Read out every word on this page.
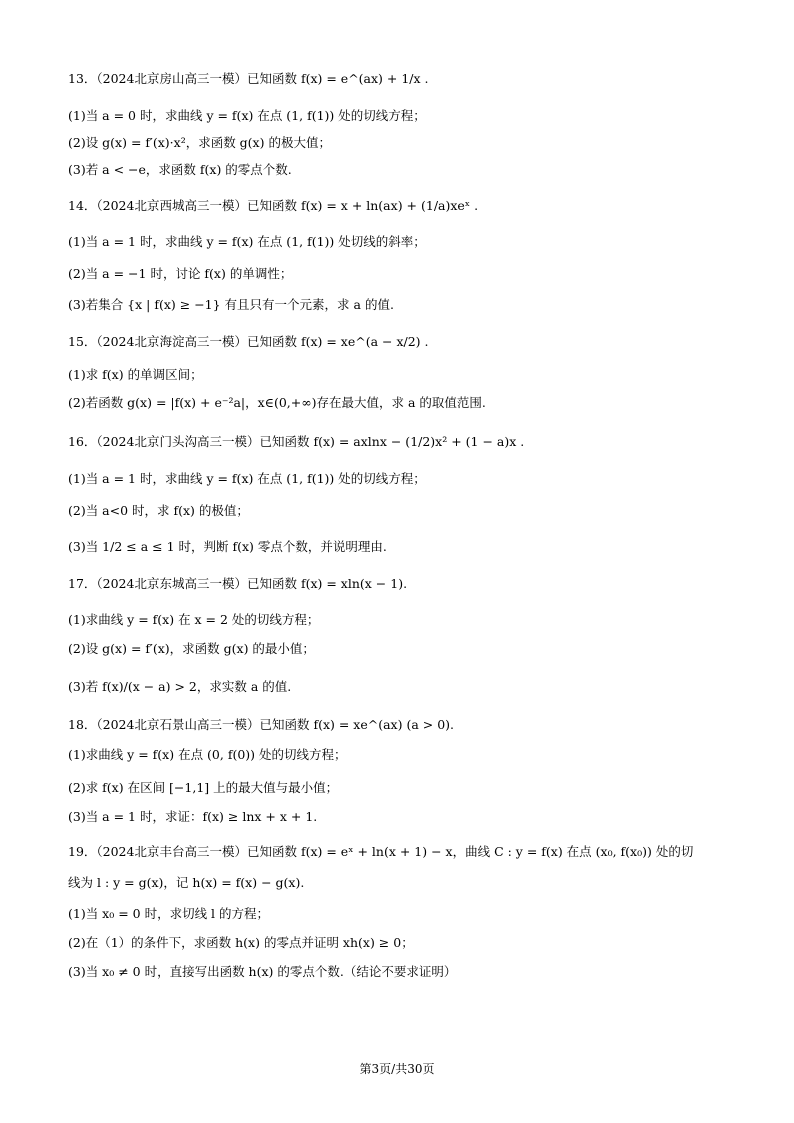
13．（2024北京房山高三一模）已知函数 f(x) = e^(ax) + 1/x .
(1)当 a = 0 时，求曲线 y = f(x) 在点 (1, f(1)) 处的切线方程；
(2)设 g(x) = f′(x)·x²，求函数 g(x) 的极大值；
(3)若 a < −e，求函数 f(x) 的零点个数.
14．（2024北京西城高三一模）已知函数 f(x) = x + ln(ax) + (1/a)xeˣ .
(1)当 a = 1 时，求曲线 y = f(x) 在点 (1, f(1)) 处切线的斜率；
(2)当 a = −1 时，讨论 f(x) 的单调性；
(3)若集合 {x | f(x) ≥ −1} 有且只有一个元素，求 a 的值.
15．（2024北京海淀高三一模）已知函数 f(x) = xe^(a − x/2) .
(1)求 f(x) 的单调区间；
(2)若函数 g(x) = |f(x) + e⁻²a|，x∈(0,+∞)存在最大值，求 a 的取值范围.
16．（2024北京门头沟高三一模）已知函数 f(x) = axlnx − (1/2)x² + (1 − a)x .
(1)当 a = 1 时，求曲线 y = f(x) 在点 (1, f(1)) 处的切线方程；
(2)当 a<0 时，求 f(x) 的极值；
(3)当 1/2 ≤ a ≤ 1 时，判断 f(x) 零点个数，并说明理由.
17．（2024北京东城高三一模）已知函数 f(x) = xln(x − 1).
(1)求曲线 y = f(x) 在 x = 2 处的切线方程；
(2)设 g(x) = f′(x)，求函数 g(x) 的最小值；
(3)若 f(x)/(x − a) > 2，求实数 a 的值.
18．（2024北京石景山高三一模）已知函数 f(x) = xe^(ax) (a > 0).
(1)求曲线 y = f(x) 在点 (0, f(0)) 处的切线方程；
(2)求 f(x) 在区间 [−1,1] 上的最大值与最小值；
(3)当 a = 1 时，求证：f(x) ≥ lnx + x + 1.
19．（2024北京丰台高三一模）已知函数 f(x) = eˣ + ln(x + 1) − x，曲线 C : y = f(x) 在点 (x₀, f(x₀)) 处的切
线为 l : y = g(x)，记 h(x) = f(x) − g(x).
(1)当 x₀ = 0 时，求切线 l 的方程；
(2)在（1）的条件下，求函数 h(x) 的零点并证明 xh(x) ≥ 0；
(3)当 x₀ ≠ 0 时，直接写出函数 h(x) 的零点个数.（结论不要求证明）
第3页/共30页
